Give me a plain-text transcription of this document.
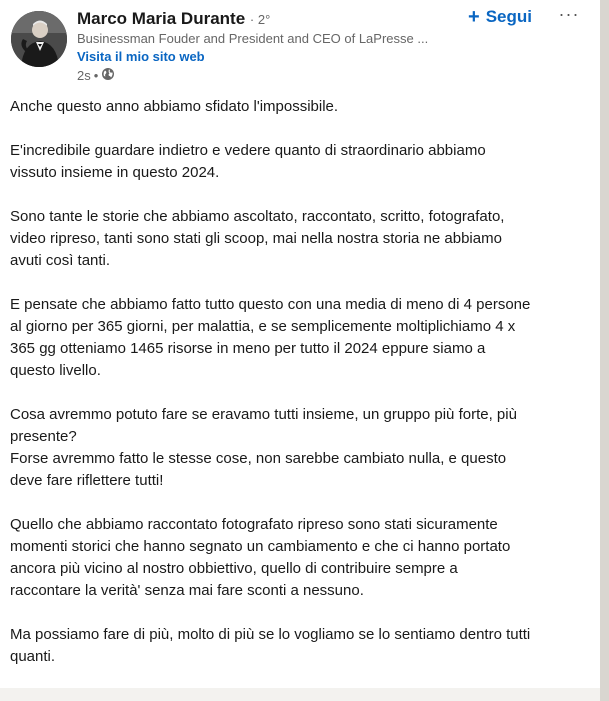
Marco Maria Durante · 2°
Businessman Fouder and President and CEO of LaPresse ...
Visita il mio sito web
2s •
+ Segui ···

Anche questo anno abbiamo sfidato l'impossibile.

E'incredibile guardare indietro e vedere quanto di straordinario abbiamo
vissuto insieme in questo 2024.

Sono tante le storie che abbiamo ascoltato, raccontato, scritto, fotografato,
video ripreso, tanti sono stati gli scoop, mai nella nostra storia ne abbiamo
avuti così tanti.

E pensate che abbiamo fatto tutto questo con una media di meno di 4 persone
al giorno per 365 giorni, per malattia, e se semplicemente moltiplichiamo 4 x
365 gg otteniamo 1465 risorse in meno per tutto il 2024 eppure siamo a
questo livello.

Cosa avremmo potuto fare se eravamo tutti insieme, un gruppo più forte, più
presente?
Forse avremmo fatto le stesse cose, non sarebbe cambiato nulla, e questo
deve fare riflettere tutti!

Quello che abbiamo raccontato fotografato ripreso sono stati sicuramente
momenti storici che hanno segnato un cambiamento e che ci hanno portato
ancora più vicino al nostro obbiettivo, quello di contribuire sempre a
raccontare la verità' senza mai fare sconti a nessuno.

Ma possiamo fare di più, molto di più se lo vogliamo se lo sentiamo dentro tutti
quanti.
